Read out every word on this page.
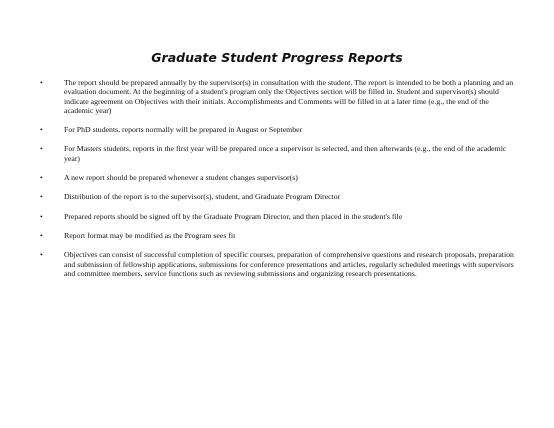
Graduate Student Progress Reports
•	The report should be prepared annually by the supervisor(s) in consultation with the student. The report is intended to be both a planning and an evaluation document. At the beginning of a student's program only the Objectives section will be filled in. Student and supervisor(s) should indicate agreement on Objectives with their initials. Accomplishments and Comments will be filled in at a later time (e.g., the end of the academic year)
•	For PhD students, reports normally will be prepared in August or September
•	For Masters students, reports in the first year will be prepared once a supervisor is selected, and then afterwards (e.g., the end of the academic year)
•	A new report should be prepared whenever a student changes supervisor(s)
•	Distribution of the report is to the supervisor(s), student, and Graduate Program Director
•	Prepared reports should be signed off by the Graduate Program Director, and then placed in the student's file
•	Report format may be modified as the Program sees fit
•	Objectives can consist of successful completion of specific courses, preparation of comprehensive questions and research proposals, preparation and submission of fellowship applications, submissions for conference presentations and articles, regularly scheduled meetings with supervisors and committee members, service functions such as reviewing submissions and organizing research presentations.
